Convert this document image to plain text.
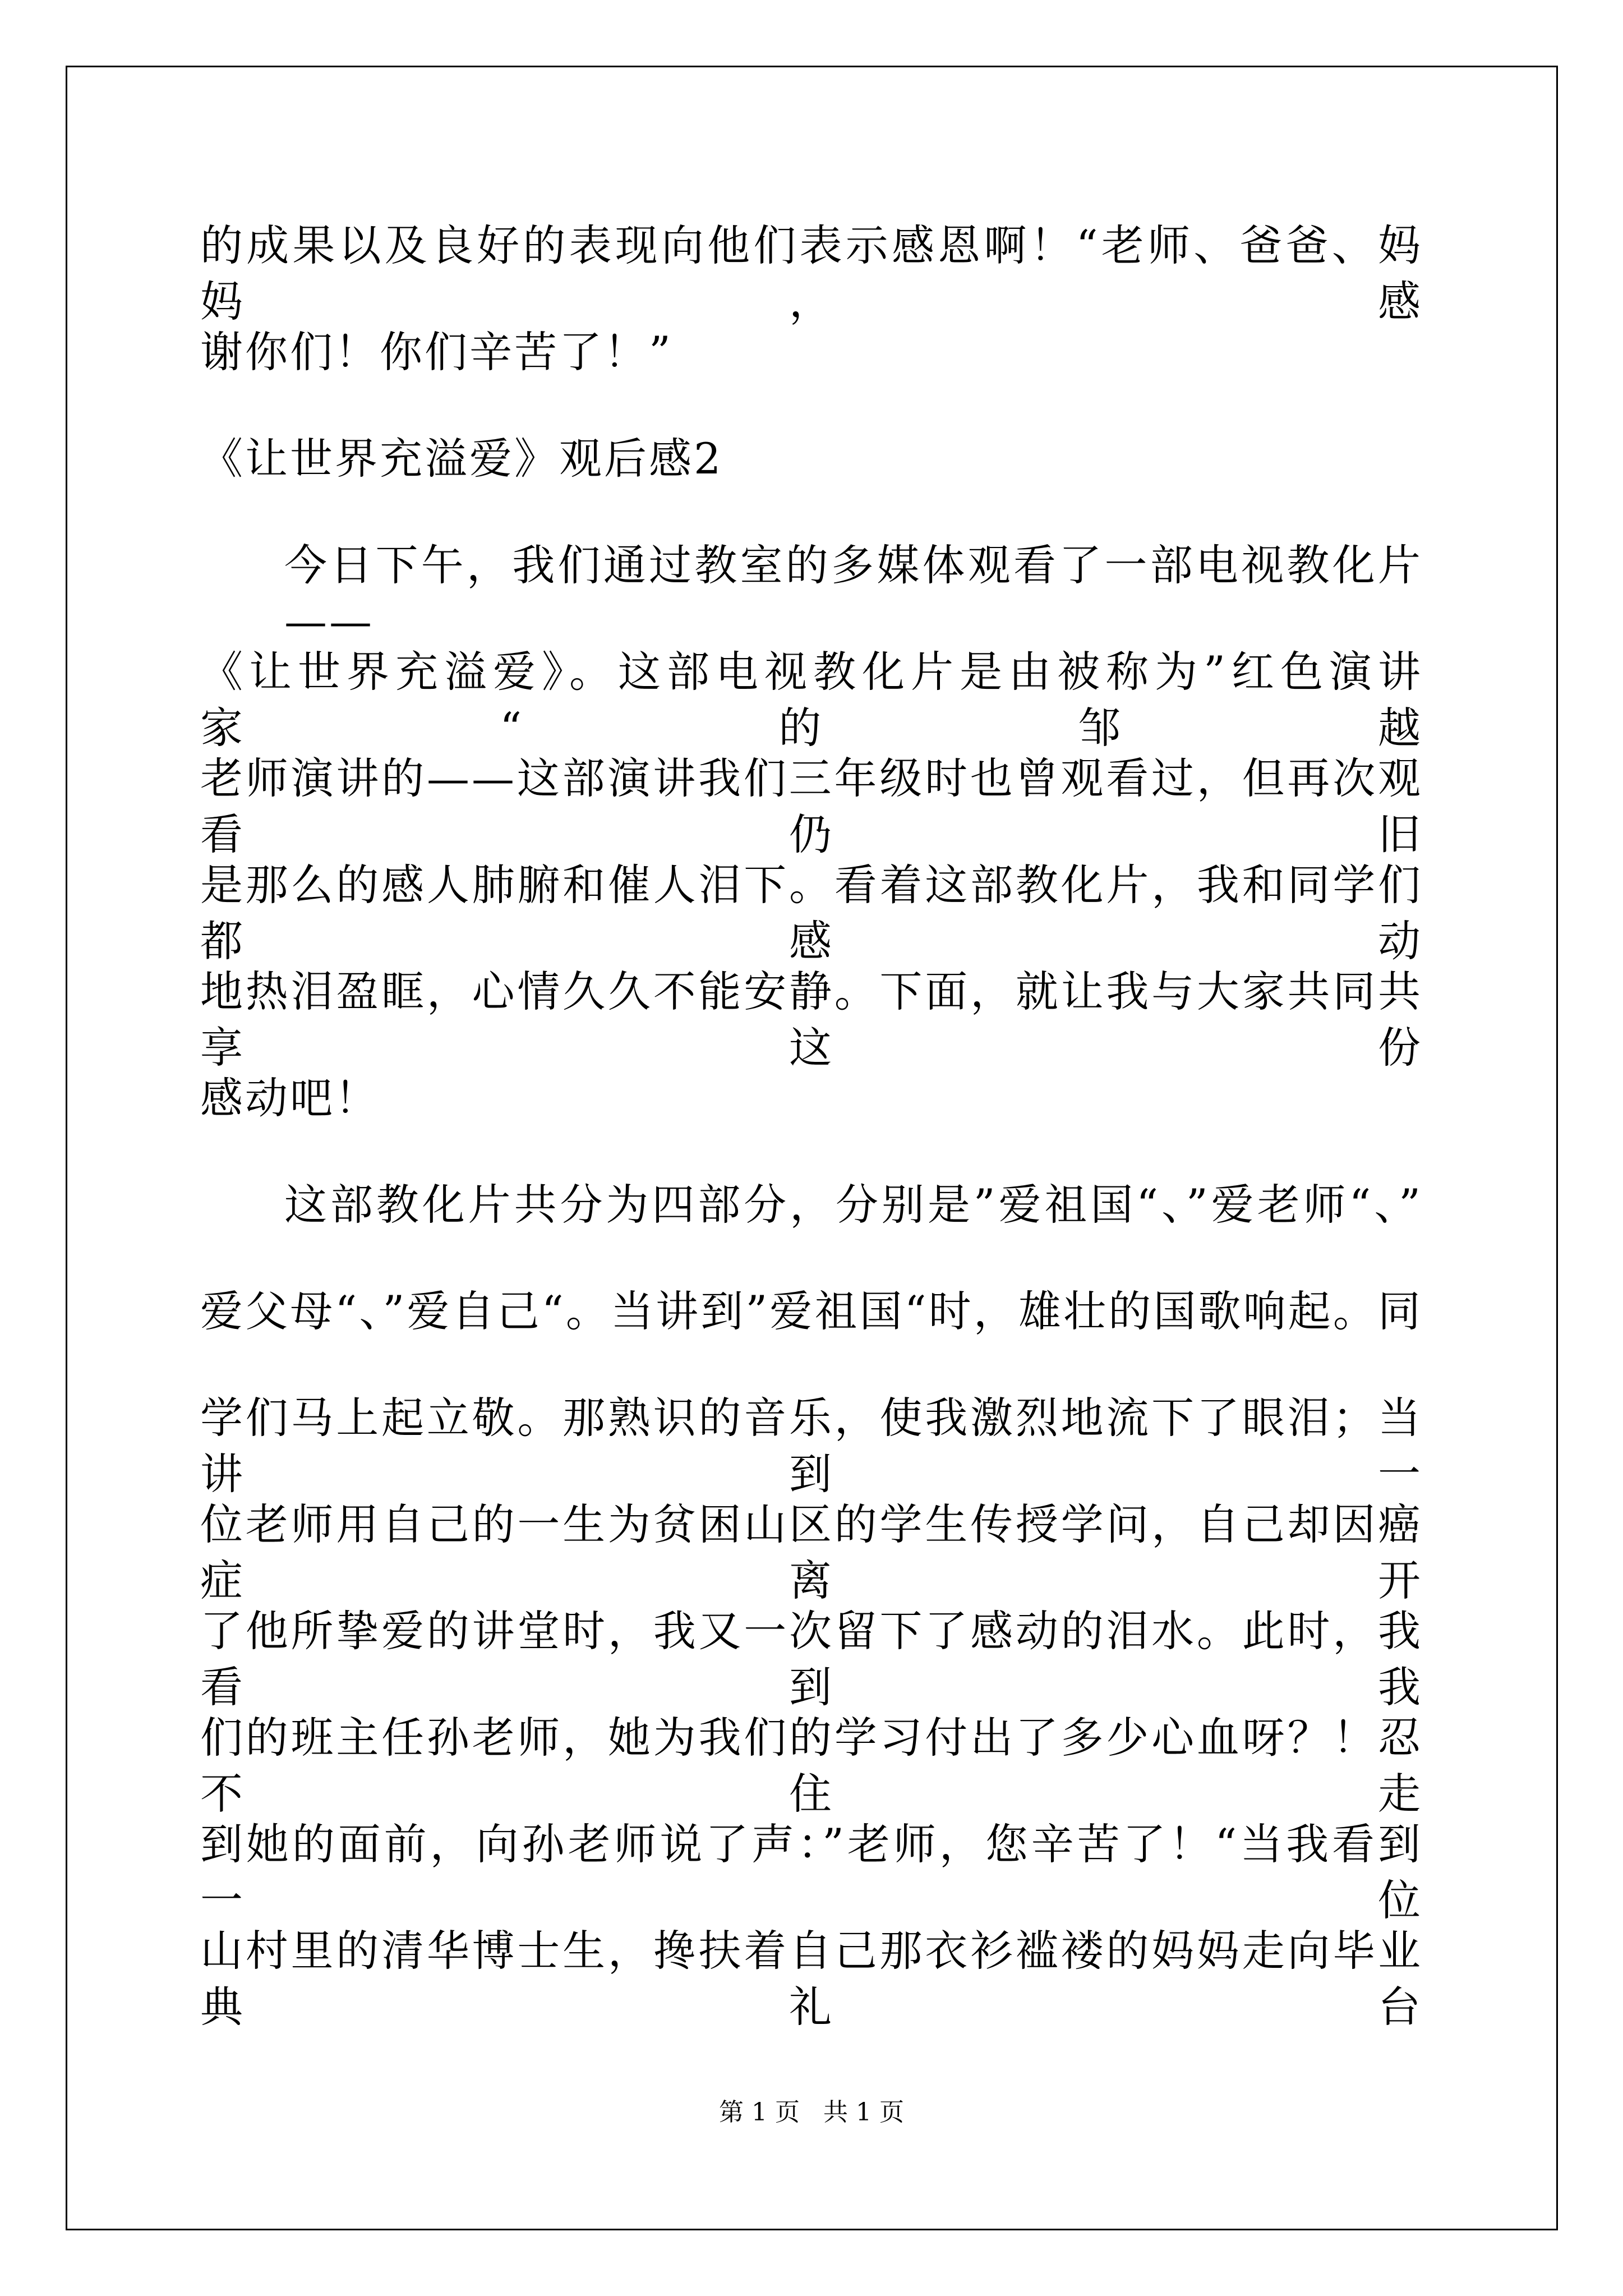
的成果以及良好的表现向他们表示感恩啊！“老师、爸爸、妈妈，感
谢你们！你们辛苦了！”
《让世界充溢爱》观后感2
今日下午，我们通过教室的多媒体观看了一部电视教化片——
《让世界充溢爱》。这部电视教化片是由被称为”红色演讲家“的邹越
老师演讲的——这部演讲我们三年级时也曾观看过，但再次观看仍旧
是那么的感人肺腑和催人泪下。看着这部教化片，我和同学们都感动
地热泪盈眶，心情久久不能安静。下面，就让我与大家共同共享这份
感动吧！
这部教化片共分为四部分，分别是”爱祖国“、”爱老师“、”
爱父母“、”爱自己“。当讲到”爱祖国“时，雄壮的国歌响起。同
学们马上起立敬。那熟识的音乐，使我激烈地流下了眼泪；当讲到一
位老师用自己的一生为贫困山区的学生传授学问，自己却因癌症离开
了他所挚爱的讲堂时，我又一次留下了感动的泪水。此时，我看到我
们的班主任孙老师，她为我们的学习付出了多少心血呀？！忍不住走
到她的面前，向孙老师说了声：”老师，您辛苦了！“当我看到一位
山村里的清华博士生，搀扶着自己那衣衫褴褛的妈妈走向毕业典礼台
第 1 页   共 1 页
